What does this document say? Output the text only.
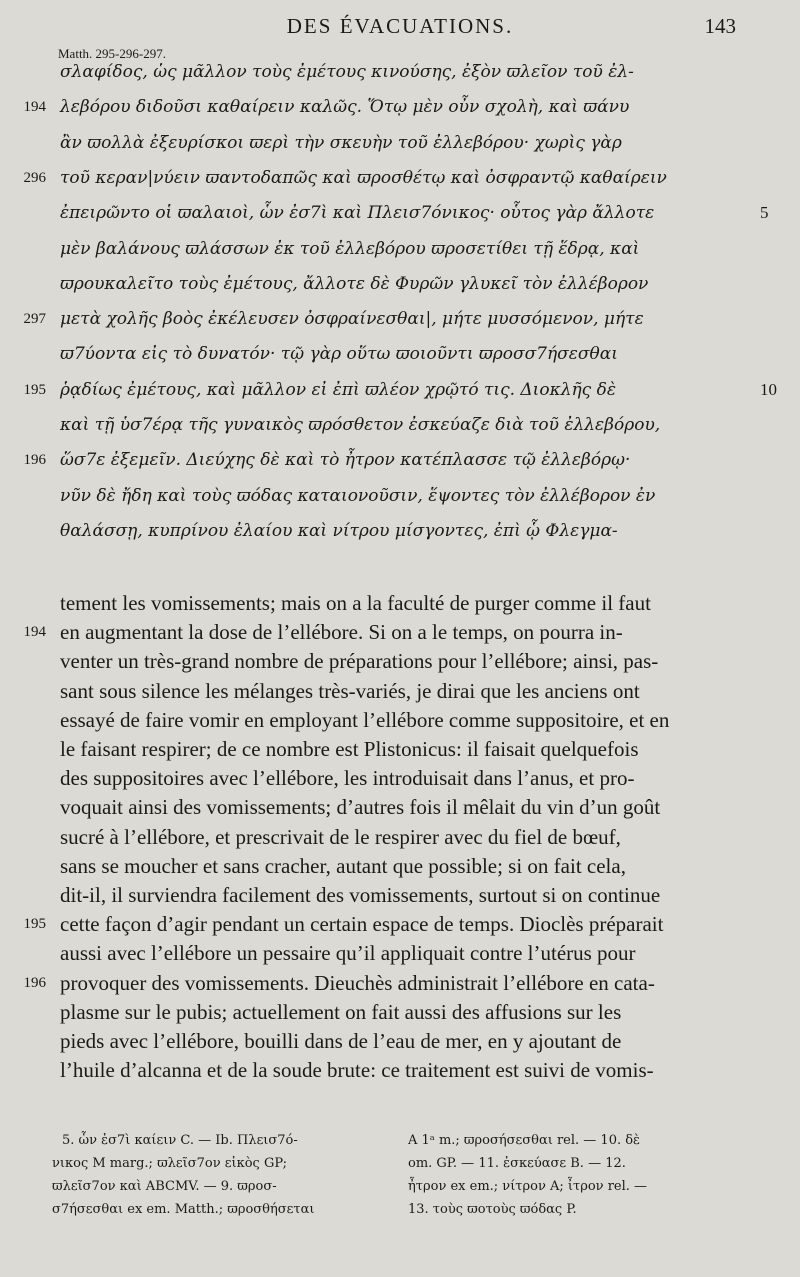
DES ÉVACUATIONS.	143
Matth. 295-296-297.
σλαφίδος, ὡς μᾶλλον τοὺς ἐμέτους κινούσης, ἐξὸν ϖλεῖον τοῦ ἐλ-
λεβόρου διδοῦσι καθαίρειν καλῶς. Ὅτῳ μὲν οὖν σχολὴ, καὶ ϖάνυ
194
ἂν ϖολλὰ ἐξευρίσκοι ϖερὶ τὴν σκευὴν τοῦ ἐλλεβόρου· χωρὶς γὰρ
τοῦ κεραν|νύειν ϖαντοδαπῶς καὶ ϖροσθέτῳ καὶ ὀσφραντῷ καθαίρειν
296
ἐπειρῶντο οἱ ϖαλαιοὶ, ὧν ἐσ7ὶ καὶ Πλεισ7όνικος· οὗτος γὰρ ἄλλοτε	5
μὲν βαλάνους ϖλάσσων ἐκ τοῦ ἐλλεβόρου ϖροσετίθει τῇ ἕδρᾳ, καὶ
ϖρουκαλεῖτο τοὺς ἐμέτους, ἄλλοτε δὲ Φυρῶν γλυκεῖ τὸν ἐλλέβορον
μετὰ χολῆς βοὸς ἐκέλευσεν ὀσφραίνεσθαι|, μήτε μυσσόμενον, μήτε
297
ϖ7ύοντα εἰς τὸ δυνατόν· τῷ γὰρ οὕτω ϖοιοῦντι ϖροσσ7ήσεσθαι
ῥᾳδίως ἐμέτους, καὶ μᾶλλον εἰ ἐπὶ ϖλέον χρῷτό τις. Διοκλῆς δὲ
195	10
καὶ τῇ ὑσ7έρᾳ τῆς γυναικὸς ϖρόσθετον ἐσκεύαζε διὰ τοῦ ἐλλεβόρου,
ὥσ7ε ἐξεμεῖν. Διεύχης δὲ καὶ τὸ ἦτρον κατέπλασσε τῷ ἐλλεβόρῳ·
196
νῦν δὲ ἤδη καὶ τοὺς ϖόδας καταιονοῦσιν, ἕψοντες τὸν ἐλλέβορον ἐν
θαλάσσῃ, κυπρίνου ἐλαίου καὶ νίτρου μίσγοντες, ἐπὶ ᾧ Φλεγμα-
tement les vomissements; mais on a la faculté de purger comme il faut
en augmentant la dose de l’ellébore. Si on a le temps, on pourra in-
194
venter un très-grand nombre de préparations pour l’ellébore; ainsi, pas-
sant sous silence les mélanges très-variés, je dirai que les anciens ont
essayé de faire vomir en employant l’ellébore comme suppositoire, et en
le faisant respirer; de ce nombre est Plistonicus: il faisait quelquefois
des suppositoires avec l’ellébore, les introduisait dans l’anus, et pro-
voquait ainsi des vomissements; d’autres fois il mêlait du vin d’un goût
sucré à l’ellébore, et prescrivait de le respirer avec du fiel de bœuf,
sans se moucher et sans cracher, autant que possible; si on fait cela,
dit-il, il surviendra facilement des vomissements, surtout si on continue
cette façon d’agir pendant un certain espace de temps. Dioclès préparait
195
aussi avec l’ellébore un pessaire qu’il appliquait contre l’utérus pour
provoquer des vomissements. Dieuchès administrait l’ellébore en cata-
196
plasme sur le pubis; actuellement on fait aussi des affusions sur les
pieds avec l’ellébore, bouilli dans de l’eau de mer, en y ajoutant de
l’huile d’alcanna et de la soude brute: ce traitement est suivi de vomis-
5. ὧν ἐσ7ὶ καίειν C. — Ib. Πλεισ7ό-
νικος M marg.; ϖλεῖσ7ον εἰκὸς GP;
ϖλεῖσ7ον καὶ ABCMV. — 9. ϖροσ-
σ7ήσεσθαι ex em. Matth.; ϖροσθήσεται
A 1ᵃ m.; ϖροσήσεσθαι rel. — 10. δὲ
om. GP. — 11. ἐσκεύασε B. — 12.
ἦτρον ex em.; νίτρον A; ἶτρον rel. —
13. τοὺς ϖοτοὺς ϖόδας P.
